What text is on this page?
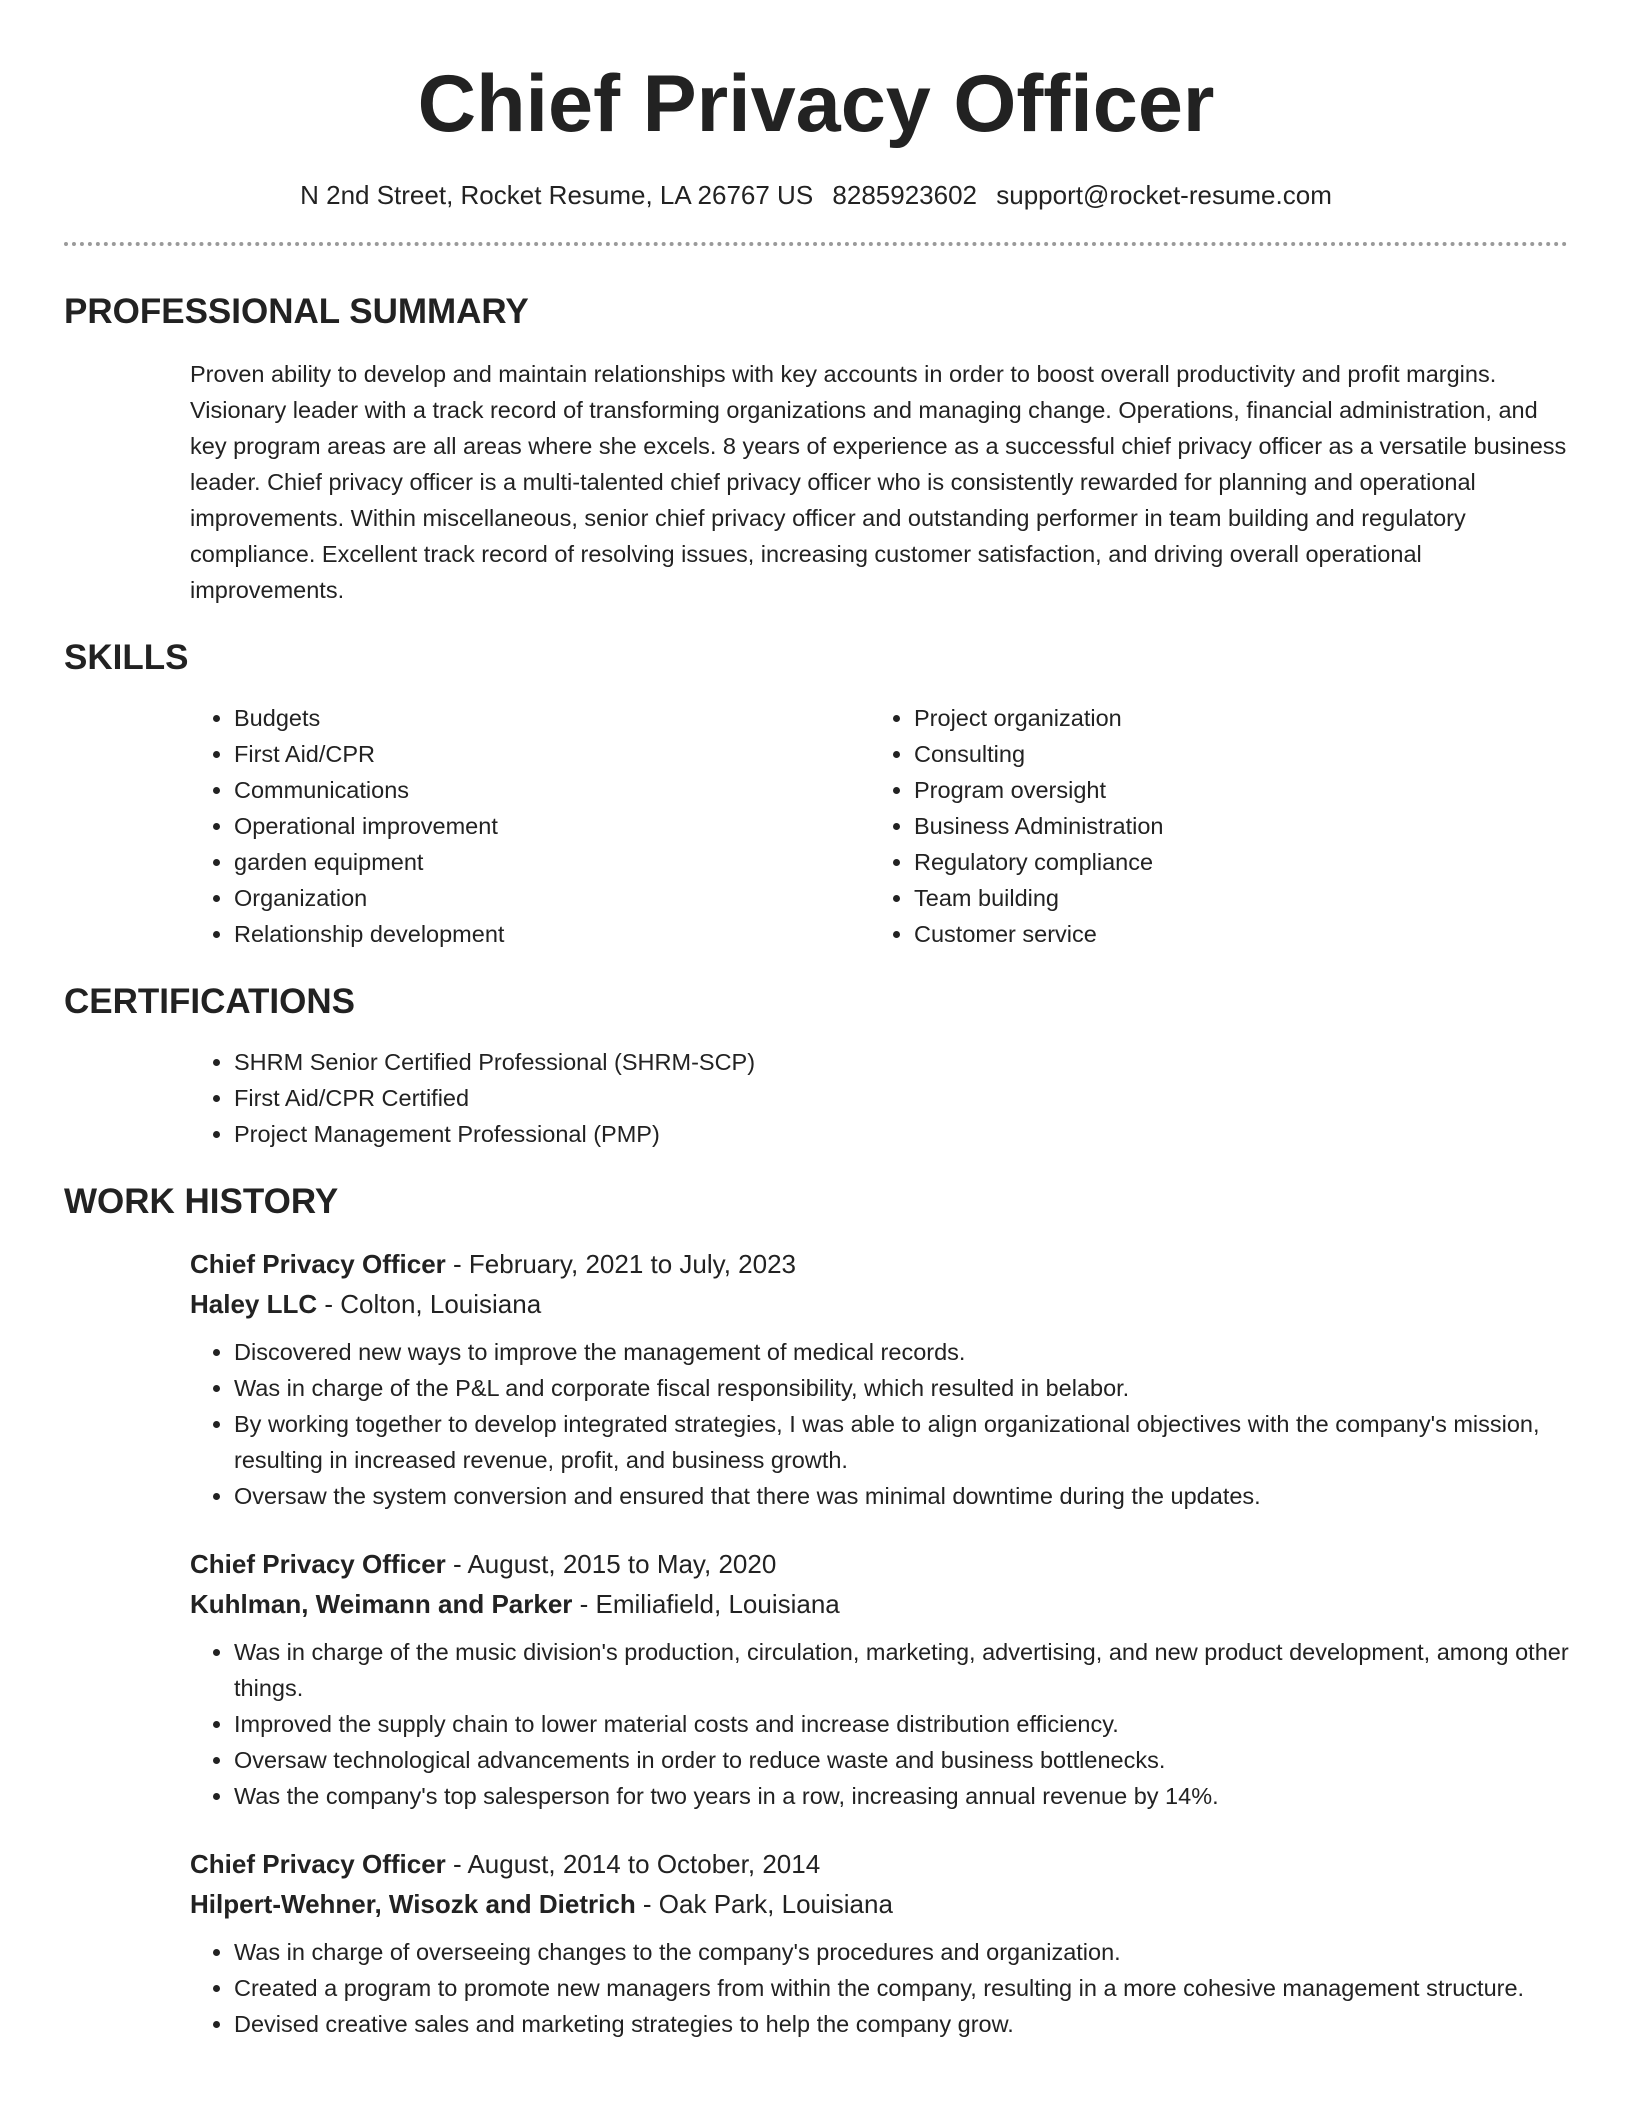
Chief Privacy Officer
N 2nd Street, Rocket Resume, LA 26767 US 8285923602 support@rocket-resume.com
PROFESSIONAL SUMMARY

Proven ability to develop and maintain relationships with key accounts in order to boost overall productivity and profit margins. Visionary leader with a track record of transforming organizations and managing change. Operations, financial administration, and key program areas are all areas where she excels. 8 years of experience as a successful chief privacy officer as a versatile business leader. Chief privacy officer is a multi-talented chief privacy officer who is consistently rewarded for planning and operational improvements. Within miscellaneous, senior chief privacy officer and outstanding performer in team building and regulatory compliance. Excellent track record of resolving issues, increasing customer satisfaction, and driving overall operational improvements.

SKILLS
• Budgets
• First Aid/CPR
• Communications
• Operational improvement
• garden equipment
• Organization
• Relationship development
• Project organization
• Consulting
• Program oversight
• Business Administration
• Regulatory compliance
• Team building
• Customer service
CERTIFICATIONS
• SHRM Senior Certified Professional (SHRM-SCP)
• First Aid/CPR Certified
• Project Management Professional (PMP)
WORK HISTORY
Chief Privacy Officer - February, 2021 to July, 2023
Haley LLC - Colton, Louisiana
• Discovered new ways to improve the management of medical records.
• Was in charge of the P&L and corporate fiscal responsibility, which resulted in belabor.
• By working together to develop integrated strategies, I was able to align organizational objectives with the company's mission, resulting in increased revenue, profit, and business growth.
• Oversaw the system conversion and ensured that there was minimal downtime during the updates.
Chief Privacy Officer - August, 2015 to May, 2020
Kuhlman, Weimann and Parker - Emiliafield, Louisiana
• Was in charge of the music division's production, circulation, marketing, advertising, and new product development, among other things.
• Improved the supply chain to lower material costs and increase distribution efficiency.
• Oversaw technological advancements in order to reduce waste and business bottlenecks.
• Was the company's top salesperson for two years in a row, increasing annual revenue by 14%.
Chief Privacy Officer - August, 2014 to October, 2014
Hilpert-Wehner, Wisozk and Dietrich - Oak Park, Louisiana
• Was in charge of overseeing changes to the company's procedures and organization.
• Created a program to promote new managers from within the company, resulting in a more cohesive management structure.
• Devised creative sales and marketing strategies to help the company grow.
